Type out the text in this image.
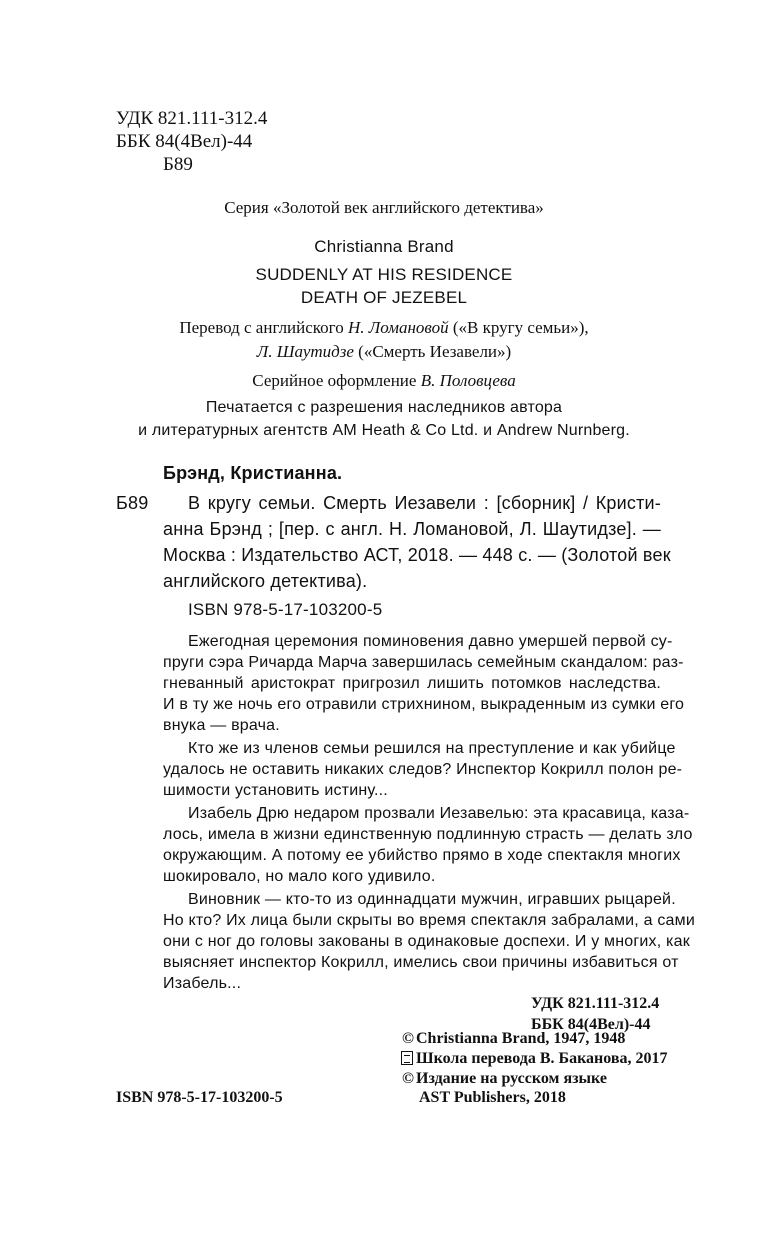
УДК 821.111-312.4
ББК 84(4Вел)-44
Б89
Серия «Золотой век английского детектива»
Christianna Brand
SUDDENLY AT HIS RESIDENCE
DEATH OF JEZEBEL
Перевод с английского Н. Ломановой («В кругу семьи»),
Л. Шаутидзе («Смерть Иезавели»)
Серийное оформление В. Половцева
Печатается с разрешения наследников автора
и литературных агентств AM Heath & Co Ltd. и Andrew Nurnberg.
Брэнд, Кристианна.
Б89 В кругу семьи. Смерть Иезавели : [сборник] / Кристи-
анна Брэнд ; [пер. с англ. Н. Ломановой, Л. Шаутидзе]. —
Москва : Издательство АСТ, 2018. — 448 с. — (Золотой век
английского детектива).
ISBN 978-5-17-103200-5
Ежегодная церемония поминовения давно умершей первой су-
пруги сэра Ричарда Марча завершилась семейным скандалом: раз-
гневанный аристократ пригрозил лишить потомков наследства.
И в ту же ночь его отравили стрихнином, выкраденным из сумки его
внука — врача.
Кто же из членов семьи решился на преступление и как убийце
удалось не оставить никаких следов? Инспектор Кокрилл полон ре-
шимости установить истину...
Изабель Дрю недаром прозвали Иезавелью: эта красавица, каза-
лось, имела в жизни единственную подлинную страсть — делать зло
окружающим. А потому ее убийство прямо в ходе спектакля многих
шокировало, но мало кого удивило.
Виновник — кто-то из одиннадцати мужчин, игравших рыцарей.
Но кто? Их лица были скрыты во время спектакля забралами, а сами
они с ног до головы закованы в одинаковые доспехи. И у многих, как
выясняет инспектор Кокрилл, имелись свои причины избавиться от
Изабель...
УДК 821.111-312.4
ББК 84(4Вел)-44
© Christianna Brand, 1947, 1948
Школа перевода В. Баканова, 2017
© Издание на русском языке
AST Publishers, 2018
ISBN 978-5-17-103200-5
